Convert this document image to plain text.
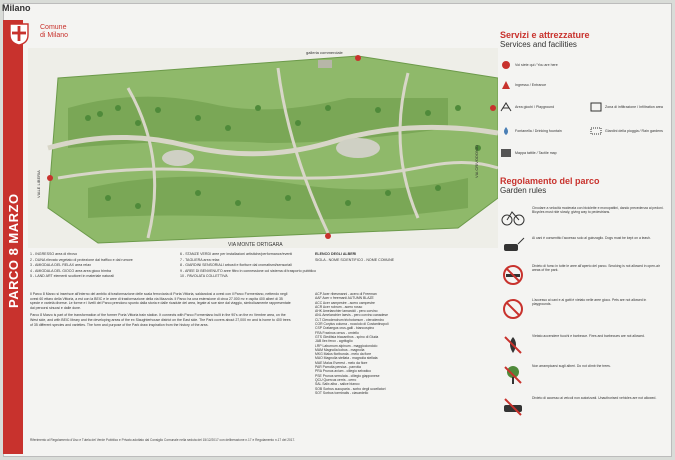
Milano
PARCO 8 MARZO
Comune
di Milano
VIA MONTE ORTIGARA
galleria commerciale
VIA CRIVODONIO
VIALE LIBERIA
1 - INGRESSO area di ritrovo
2 - DUNA rilevato vegetato di protezione dal traffico e dal rumore
3 - AMIGDALA DEL RELAX area relax
4 - AMIGDALA DEL GIOCO area area gioco bimba
5 - LAND ART elementi scultorei in materiale naturali
6 - STANZE VERDI aree per installazioni artistiche/performance/eventi
7 - TAGLIERA area relax
8 - GIARDINI SENSORIALI arbusti e fioriture dal cromatismi/sensoriali
9 - AREE DI BENVENUTO aree filtro in connessione col sistema di trasporto pubblico
10 - PAVOLATA COLLETTIVA
ELENCO DEGLI ALBERI
SIGLA - NOME SCIENTIFICO - NOME COMUNE

Il Parco 8 Marzo si inserisce all'interno del ambito di trasformazione delle scala ferroviaria di Porta Vittoria, saldandosi a ovest con il Parco Formentano, nettendo negli ovest 60 ettaro della Vittoria, a est con la BEIC e le aree di trasformazione della via Mazzola. Il Parco ha una estensione di circa 27.000 m² e ospita 400 alberi di 35 specie e varietà diverse. Le forme e i livelli del Parco prendono spunto dalla storia e dalle ricadute del area, legate al sue sine dal viaggio, simbolicamente rappresentate dai percorsi sinuosi e dalle dune.

Parco 8 Marzo is part of the transformation of the former Porta Vittoria train station. It connects with Parco Formentano built in the 90's on the ex Vembre area, on the West side, and with BEIC library and the developing areas of the ex Slaughterhouse district on the East side. The Park covers about 27,000 m² and is home to 400 trees of 35 different species and varieties. The form and purpose of the Park draw inspiration from the history of the area.

ACP Acer ribesmanni - acero di Freeman
AAF Acer x freemanii AUTUMN BLAZE
ACC Acer campestre - acero campestre
ACR Acer rubrum - acero rosso
AHK Amelanchier lamarckii - pero corvino
ANL Amelanchier laevis - pero corvino canadese
CLT Clerodendrum trichotomum - clerodendro
COR Corylus colurna - nocciolo di Costantinopoli
CSP Crataegus crus-galli - biancospino
FRA Fraxinus ornus - orniello
GTS Gleditsia triacanthos - spino di Giuda
JAB Ilex ferox - agrifoglio
LRP Laburnum alpinum - maggiociondolo
MAM Magnolia kobus - magnolia
MKG Malus floribunda - melo da fiore
MAO Magnolia stellata - magnolia stellata
MAE Malus Everest - melo da fiore
PAR Parrotia persica - parrotia
PRA Prunus avium - ciliegio selvatico
PSE Prunus serrulata - ciliegio giapponese
QCU Quercus cerris - cerro
SAL Salix alba - salice bianco
SOB Sorbus aucuparia - sorbo degli uccellatori
SOT Sorbus torminalis - ciavardello
Riferimento al Regolamento d'Uso e Tutela del Verde Pubblico e Privato adottato dal Consiglio Comunale nella seduta del 15/12/2017 con deliberazione n.17 e Regolamento n.17 del 2017.
Servizi e attrezzature
Services and facilities
Voi siete qui / You are here
Ingresso / Entrance
Area giochi / Playground	Zona di infiltrazione / Infiltration area
Fontanella / Drinking fountain	Giardini della pioggia / Rain gardens
Mappa tattile / Tactile map
Regolamento del parco
Garden rules
Circolare a velocità moderata con biciclette e monopattini, dando precedenza ai pedoni. Bicycles must ride slowly, giving way to pedestrians.
Ai cani è consentito l'accesso solo al guinzaglio. Dogs must be kept on a leash.
Divieto di fumo in tutte le aree all'aperto del parco. Smoking is not allowed in open-air areas of the park.
L'accesso ai cani e ai gatti è vietato nelle aree gioco. Pets are not allowed in playgrounds.
Vietato accendere fuochi e barbecue. Fires and barbecues are not allowed.
Non arrampicarsi sugli alberi. Do not climb the trees.
Divieto di accesso ai veicoli non autorizzati. Unauthorised vehicles are not allowed.
